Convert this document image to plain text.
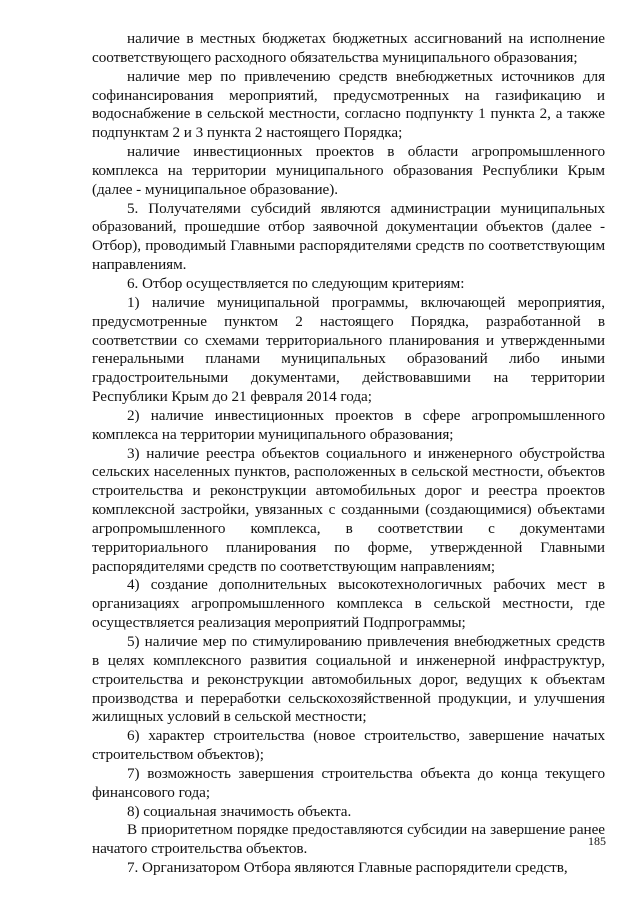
наличие в местных бюджетах бюджетных ассигнований на исполнение соответствующего расходного обязательства муниципального образования;

наличие мер по привлечению средств внебюджетных источников для софинансирования мероприятий, предусмотренных на газификацию и водоснабжение в сельской местности, согласно подпункту 1 пункта 2, а также подпунктам 2 и 3 пункта 2 настоящего Порядка;

наличие инвестиционных проектов в области агропромышленного комплекса на территории муниципального образования Республики Крым (далее - муниципальное образование).

5. Получателями субсидий являются администрации муниципальных образований, прошедшие отбор заявочной документации объектов (далее - Отбор), проводимый Главными распорядителями средств по соответствующим направлениям.

6. Отбор осуществляется по следующим критериям:

1) наличие муниципальной программы, включающей мероприятия, предусмотренные пунктом 2 настоящего Порядка, разработанной в соответствии со схемами территориального планирования и утвержденными генеральными планами муниципальных образований либо иными градостроительными документами, действовавшими на территории Республики Крым до 21 февраля 2014 года;

2) наличие инвестиционных проектов в сфере агропромышленного комплекса на территории муниципального образования;

3) наличие реестра объектов социального и инженерного обустройства сельских населенных пунктов, расположенных в сельской местности, объектов строительства и реконструкции автомобильных дорог и реестра проектов комплексной застройки, увязанных с созданными (создающимися) объектами агропромышленного комплекса, в соответствии с документами территориального планирования по форме, утвержденной Главными распорядителями средств по соответствующим направлениям;

4) создание дополнительных высокотехнологичных рабочих мест в организациях агропромышленного комплекса в сельской местности, где осуществляется реализация мероприятий Подпрограммы;

5) наличие мер по стимулированию привлечения внебюджетных средств в целях комплексного развития социальной и инженерной инфраструктур, строительства и реконструкции автомобильных дорог, ведущих к объектам производства и переработки сельскохозяйственной продукции, и улучшения жилищных условий в сельской местности;

6) характер строительства (новое строительство, завершение начатых строительством объектов);

7) возможность завершения строительства объекта до конца текущего финансового года;

8) социальная значимость объекта.

В приоритетном порядке предоставляются субсидии на завершение ранее начатого строительства объектов.

7. Организатором Отбора являются Главные распорядители средств,

185
